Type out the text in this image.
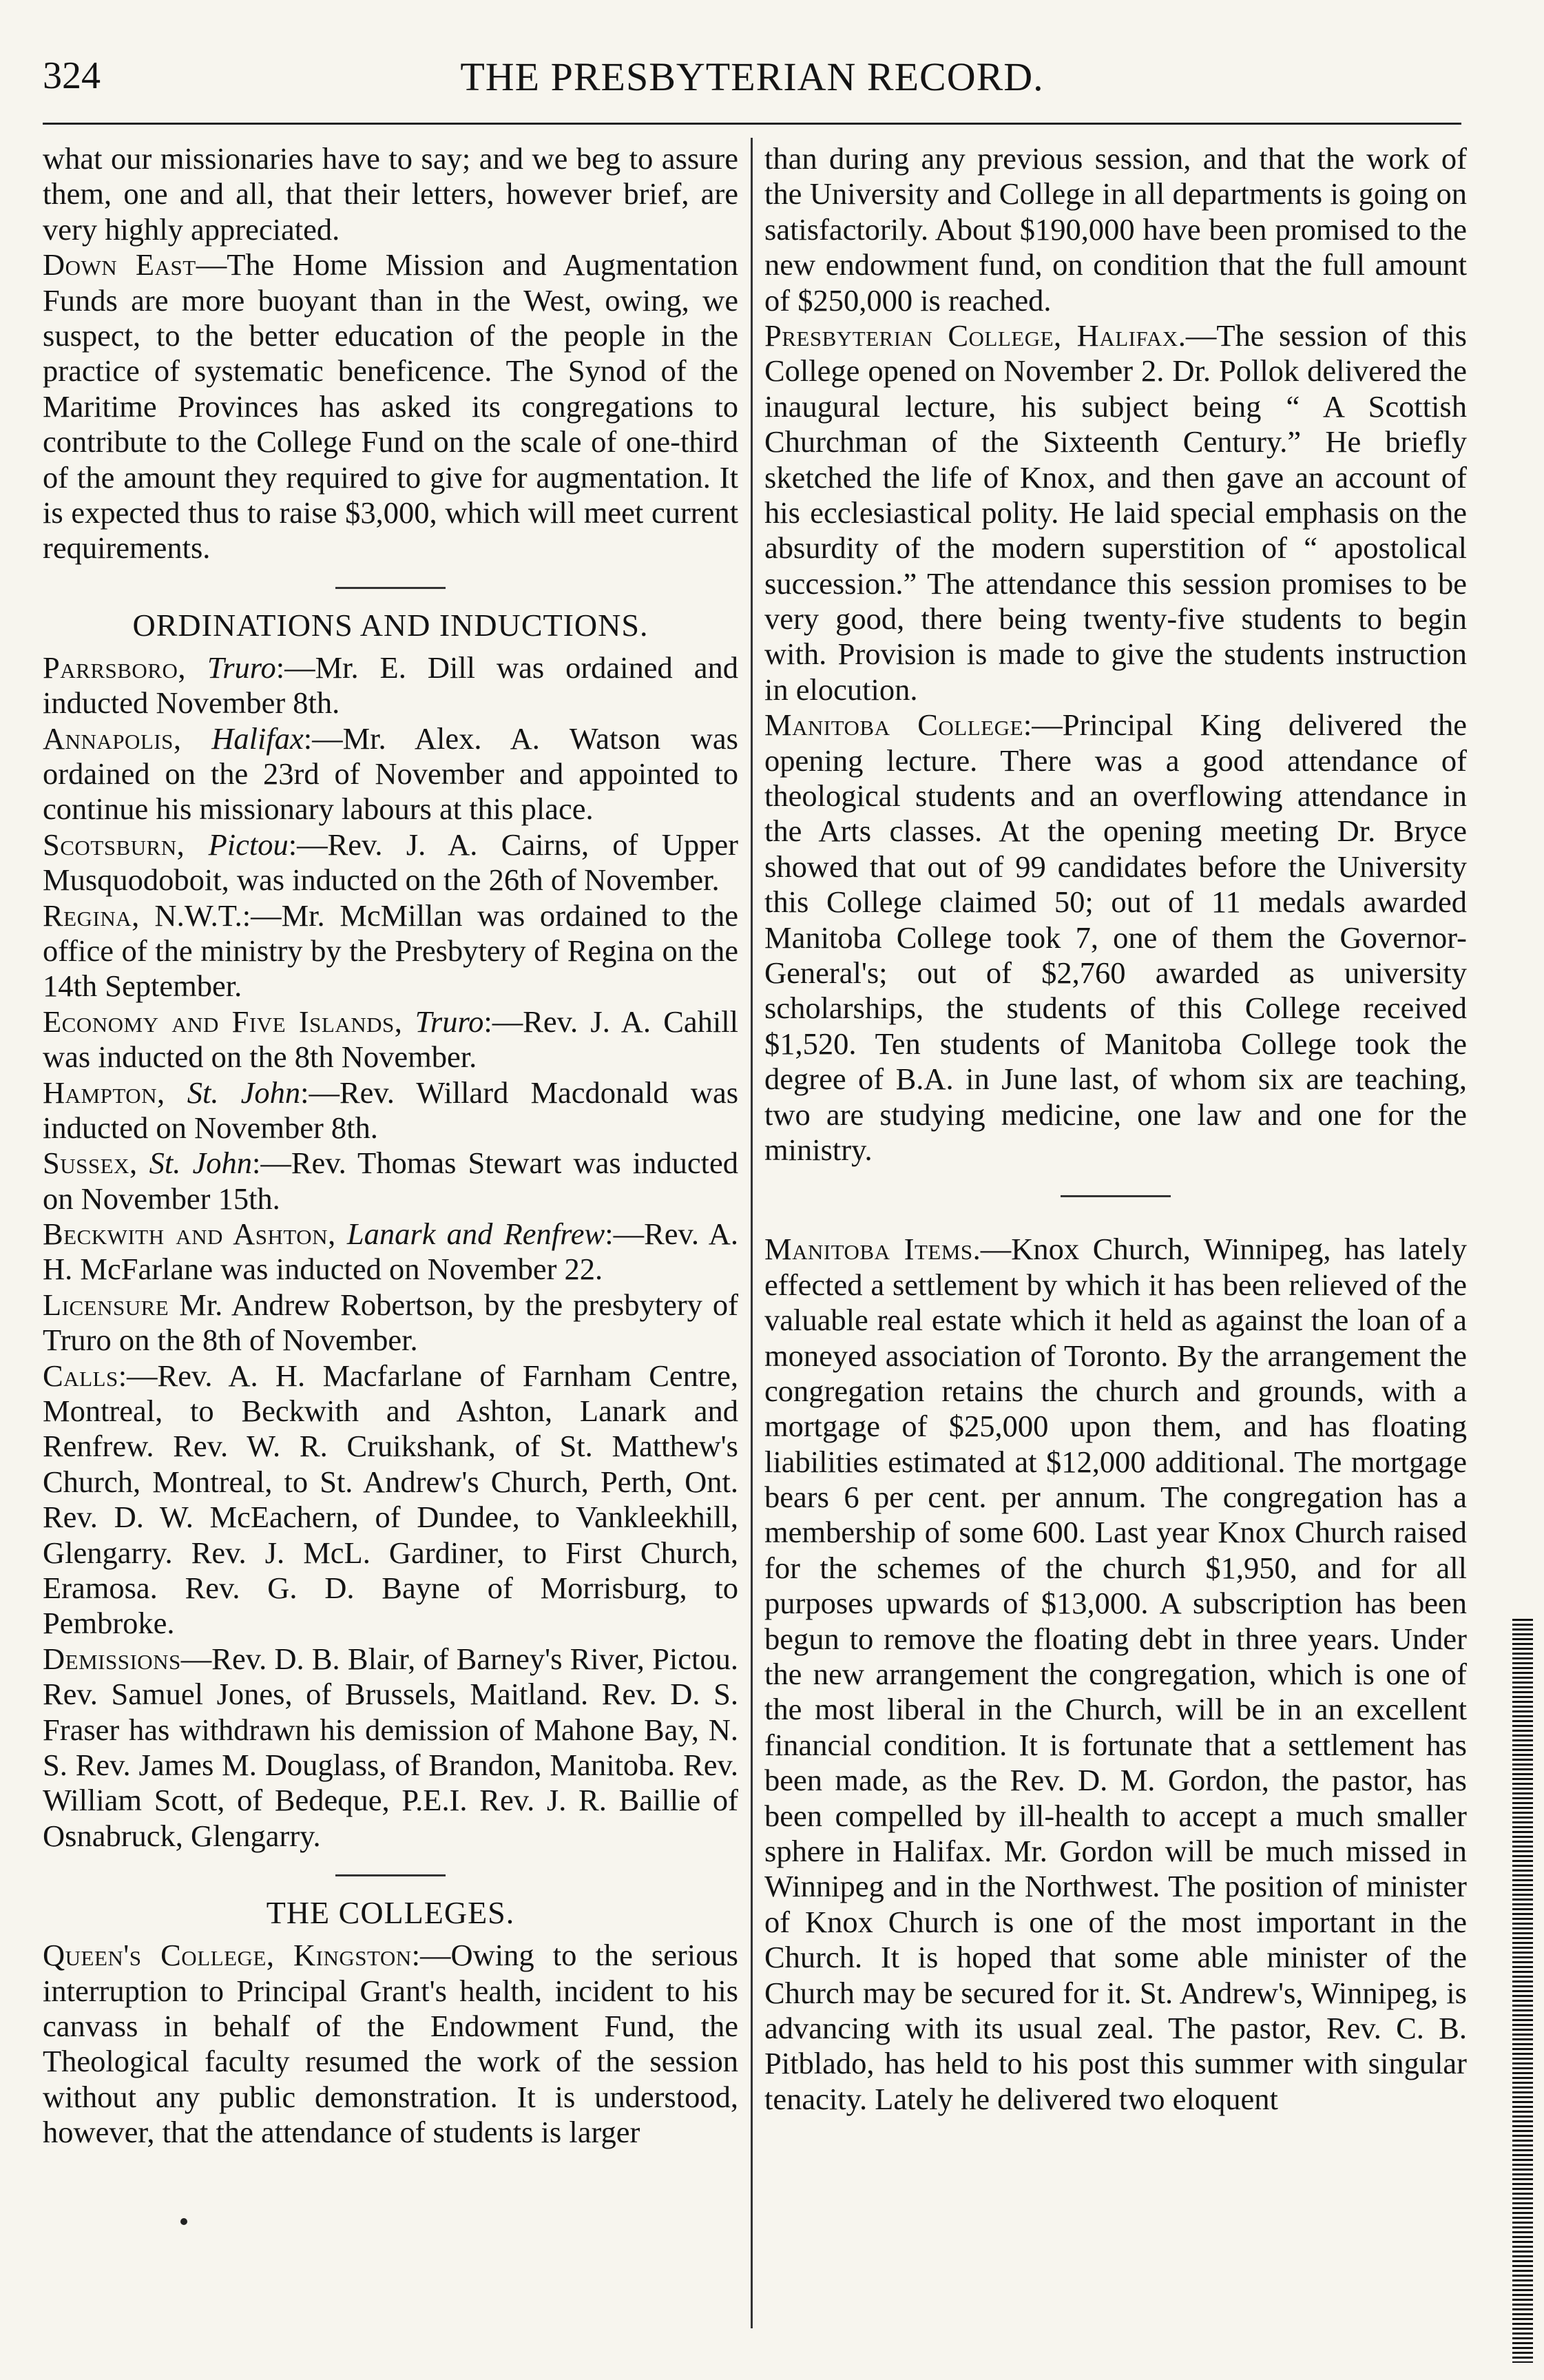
324	THE PRESBYTERIAN RECORD.

what our missionaries have to say; and we beg to assure them, one and all, that their letters, however brief, are very highly appreciated.

Down East—The Home Mission and Augmentation Funds are more buoyant than in the West, owing, we suspect, to the better education of the people in the practice of systematic beneficence. The Synod of the Maritime Provinces has asked its congregations to contribute to the College Fund on the scale of one-third of the amount they required to give for augmentation. It is expected thus to raise $3,000, which will meet current requirements.

ORDINATIONS AND INDUCTIONS.

Parrsboro, Truro:—Mr. E. Dill was ordained and inducted November 8th.

Annapolis, Halifax:—Mr. Alex. A. Watson was ordained on the 23rd of November and appointed to continue his missionary labours at this place.

Scotsburn, Pictou:—Rev. J. A. Cairns, of Upper Musquodoboit, was inducted on the 26th of November.

Regina, N.W.T.:—Mr. McMillan was ordained to the office of the ministry by the Presbytery of Regina on the 14th September.

Economy and Five Islands, Truro:—Rev. J. A. Cahill was inducted on the 8th November.

Hampton, St. John:—Rev. Willard Macdonald was inducted on November 8th.

Sussex, St. John:—Rev. Thomas Stewart was inducted on November 15th.

Beckwith and Ashton, Lanark and Renfrew:—Rev. A. H. McFarlane was inducted on November 22.

Licensure Mr. Andrew Robertson, by the presbytery of Truro on the 8th of November.

Calls:—Rev. A. H. Macfarlane of Farnham Centre, Montreal, to Beckwith and Ashton, Lanark and Renfrew. Rev. W. R. Cruikshank, of St. Matthew's Church, Montreal, to St. Andrew's Church, Perth, Ont. Rev. D. W. McEachern, of Dundee, to Vankleekhill, Glengarry. Rev. J. McL. Gardiner, to First Church, Eramosa. Rev. G. D. Bayne of Morrisburg, to Pembroke.

Demissions—Rev. D. B. Blair, of Barney's River, Pictou. Rev. Samuel Jones, of Brussels, Maitland. Rev. D. S. Fraser has withdrawn his demission of Mahone Bay, N. S. Rev. James M. Douglass, of Brandon, Manitoba. Rev. William Scott, of Bedeque, P.E.I. Rev. J. R. Baillie of Osnabruck, Glengarry.

THE COLLEGES.

Queen's College, Kingston:—Owing to the serious interruption to Principal Grant's health, incident to his canvass in behalf of the Endowment Fund, the Theological faculty resumed the work of the session without any public demonstration. It is understood, however, that the attendance of students is larger

than during any previous session, and that the work of the University and College in all departments is going on satisfactorily. About $190,000 have been promised to the new endowment fund, on condition that the full amount of $250,000 is reached.

Presbyterian College, Halifax.—The session of this College opened on November 2. Dr. Pollok delivered the inaugural lecture, his subject being “ A Scottish Churchman of the Sixteenth Century.” He briefly sketched the life of Knox, and then gave an account of his ecclesiastical polity. He laid special emphasis on the absurdity of the modern superstition of “ apostolical succession.” The attendance this session promises to be very good, there being twenty-five students to begin with. Provision is made to give the students instruction in elocution.

Manitoba College:—Principal King delivered the opening lecture. There was a good attendance of theological students and an overflowing attendance in the Arts classes. At the opening meeting Dr. Bryce showed that out of 99 candidates before the University this College claimed 50; out of 11 medals awarded Manitoba College took 7, one of them the Governor-General's; out of $2,760 awarded as university scholarships, the students of this College received $1,520. Ten students of Manitoba College took the degree of B.A. in June last, of whom six are teaching, two are studying medicine, one law and one for the ministry.

Manitoba Items.—Knox Church, Winnipeg, has lately effected a settlement by which it has been relieved of the valuable real estate which it held as against the loan of a moneyed association of Toronto. By the arrangement the congregation retains the church and grounds, with a mortgage of $25,000 upon them, and has floating liabilities estimated at $12,000 additional. The mortgage bears 6 per cent. per annum. The congregation has a membership of some 600. Last year Knox Church raised for the schemes of the church $1,950, and for all purposes upwards of $13,000. A subscription has been begun to remove the floating debt in three years. Under the new arrangement the congregation, which is one of the most liberal in the Church, will be in an excellent financial condition. It is fortunate that a settlement has been made, as the Rev. D. M. Gordon, the pastor, has been compelled by ill-health to accept a much smaller sphere in Halifax. Mr. Gordon will be much missed in Winnipeg and in the Northwest. The position of minister of Knox Church is one of the most important in the Church. It is hoped that some able minister of the Church may be secured for it. St. Andrew's, Winnipeg, is advancing with its usual zeal. The pastor, Rev. C. B. Pitblado, has held to his post this summer with singular tenacity. Lately he delivered two eloquent
